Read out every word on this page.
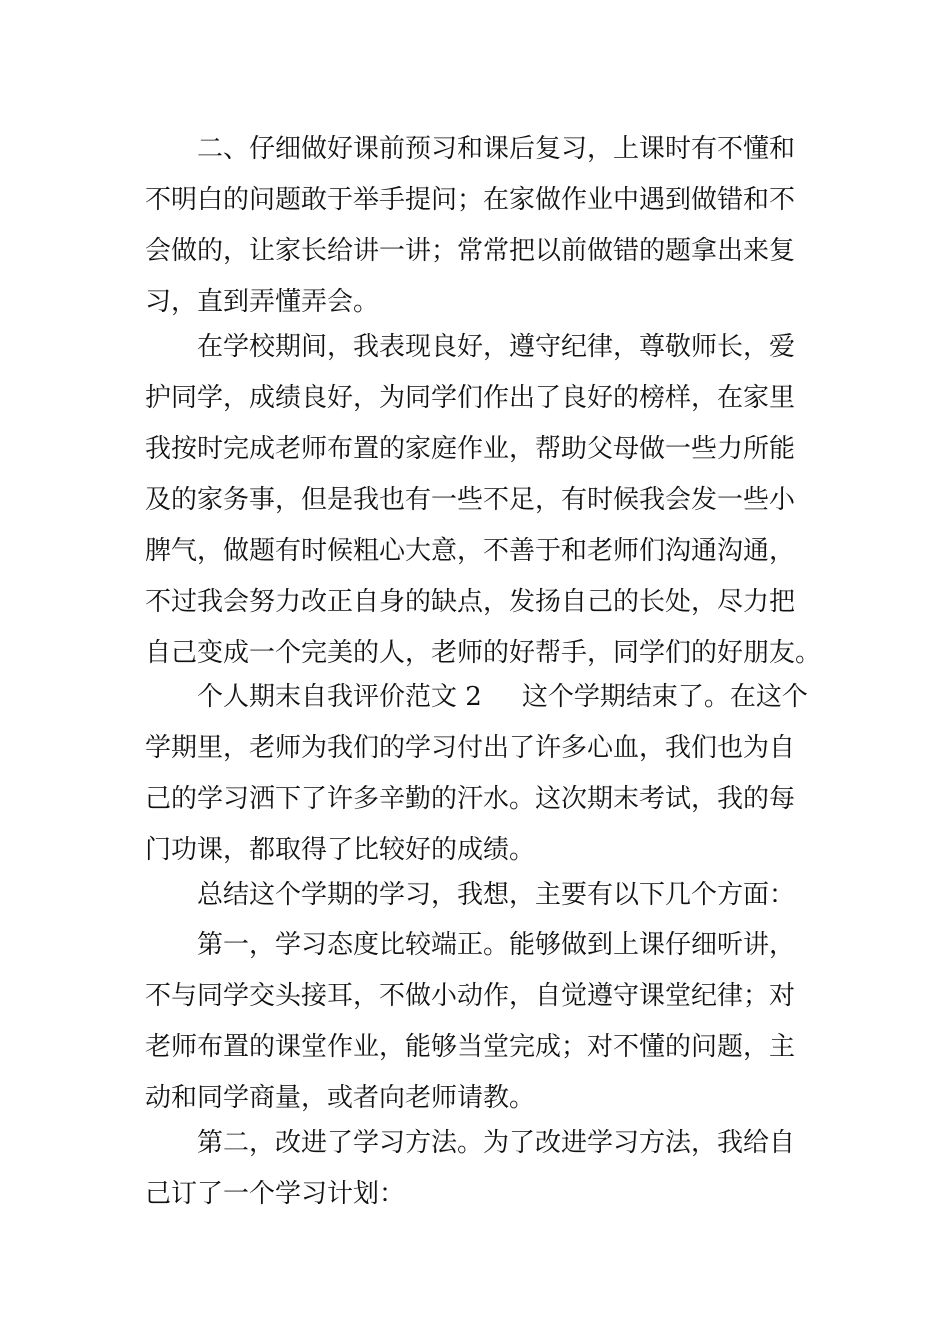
二、仔细做好课前预习和课后复习，上课时有不懂和
不明白的问题敢于举手提问；在家做作业中遇到做错和不
会做的，让家长给讲一讲；常常把以前做错的题拿出来复
习，直到弄懂弄会。
在学校期间，我表现良好，遵守纪律，尊敬师长，爱
护同学，成绩良好，为同学们作出了良好的榜样，在家里
我按时完成老师布置的家庭作业，帮助父母做一些力所能
及的家务事，但是我也有一些不足，有时候我会发一些小
脾气，做题有时候粗心大意，不善于和老师们沟通沟通，
不过我会努力改正自身的缺点，发扬自己的长处，尽力把
自己变成一个完美的人，老师的好帮手，同学们的好朋友。
个人期末自我评价范文 2 这个学期结束了。在这个
学期里，老师为我们的学习付出了许多心血，我们也为自
己的学习洒下了许多辛勤的汗水。这次期末考试，我的每
门功课，都取得了比较好的成绩。
总结这个学期的学习，我想，主要有以下几个方面：
第一，学习态度比较端正。能够做到上课仔细听讲，
不与同学交头接耳，不做小动作，自觉遵守课堂纪律；对
老师布置的课堂作业，能够当堂完成；对不懂的问题，主
动和同学商量，或者向老师请教。
第二，改进了学习方法。为了改进学习方法，我给自
己订了一个学习计划：
